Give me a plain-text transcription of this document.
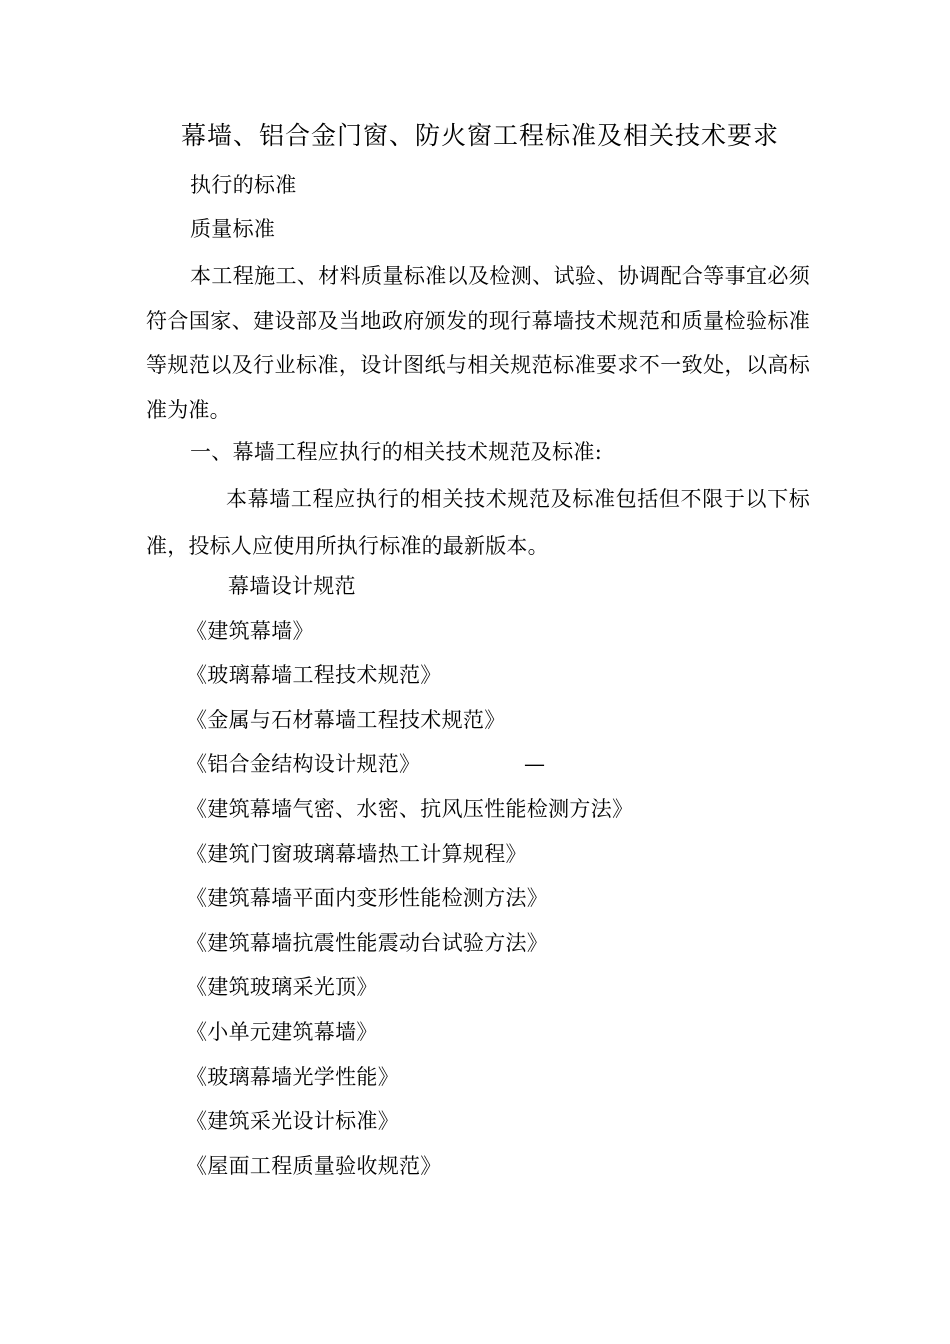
幕墙、铝合金门窗、防火窗工程标准及相关技术要求
执行的标准
质量标准
本工程施工、材料质量标准以及检测、试验、协调配合等事宜必须符合国家、建设部及当地政府颁发的现行幕墙技术规范和质量检验标准等规范以及行业标准，设计图纸与相关规范标准要求不一致处，以高标准为准。
一、幕墙工程应执行的相关技术规范及标准:
本幕墙工程应执行的相关技术规范及标准包括但不限于以下标准，投标人应使用所执行标准的最新版本。
幕墙设计规范
《建筑幕墙》
《玻璃幕墙工程技术规范》
《金属与石材幕墙工程技术规范》
《铝合金结构设计规范》
《建筑幕墙气密、水密、抗风压性能检测方法》
《建筑门窗玻璃幕墙热工计算规程》
《建筑幕墙平面内变形性能检测方法》
《建筑幕墙抗震性能震动台试验方法》
《建筑玻璃采光顶》
《小单元建筑幕墙》
《玻璃幕墙光学性能》
《建筑采光设计标准》
《屋面工程质量验收规范》
—
